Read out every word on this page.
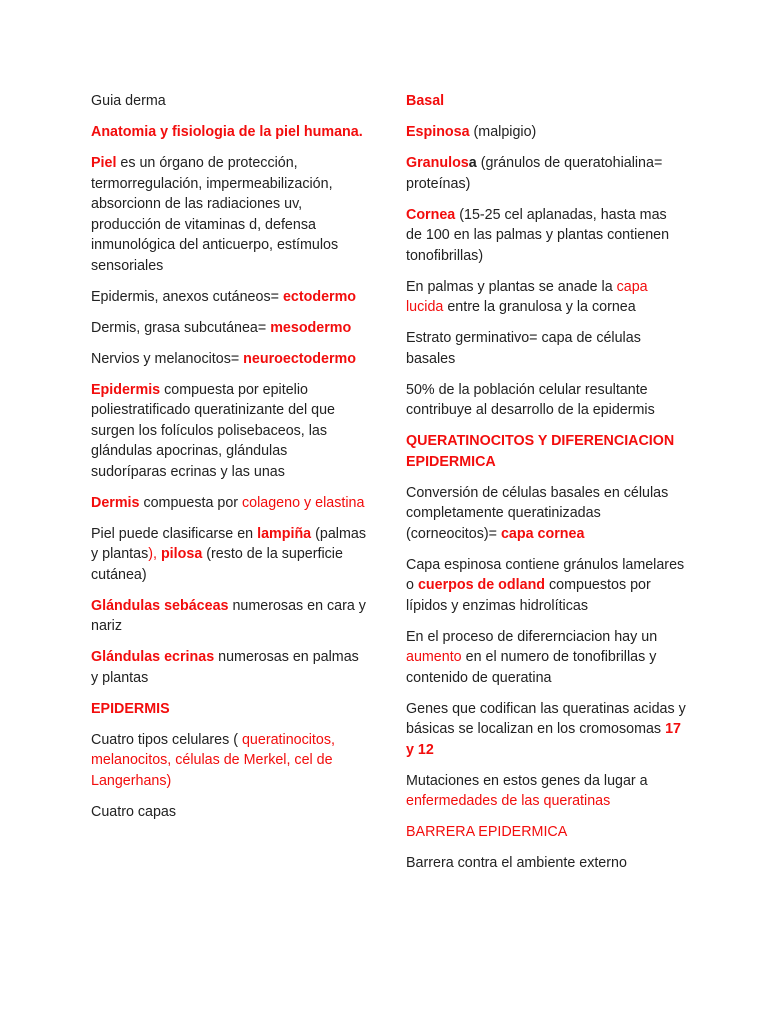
Guia derma

Anatomia y fisiologia de la piel humana.

Piel es un órgano de protección, termorregulación, impermeabilización, absorcionn de las radiaciones uv, producción de vitaminas d, defensa inmunológica del anticuerpo, estímulos sensoriales

Epidermis, anexos cutáneos= ectodermo

Dermis, grasa subcutánea= mesodermo

Nervios y melanocitos= neuroectodermo

Epidermis compuesta por epitelio poliestratificado queratinizante del que surgen los folículos polisebaceos, las glándulas apocrinas, glándulas sudoríparas ecrinas y las unas

Dermis compuesta por colageno y elastina

Piel puede clasificarse en lampiña (palmas y plantas), pilosa (resto de la superficie cutánea)

Glándulas sebáceas numerosas en cara y nariz

Glándulas ecrinas numerosas en palmas y plantas

EPIDERMIS

Cuatro tipos celulares ( queratinocitos, melanocitos, células de Merkel, cel de Langerhans)

Cuatro capas

Basal

Espinosa (malpigio)

Granulosa (gránulos de queratohialina= proteínas)

Cornea (15-25 cel aplanadas, hasta mas de 100 en las palmas y plantas contienen tonofibrillas)

En palmas y plantas se anade la capa lucida entre la granulosa y la cornea

Estrato germinativo= capa de células basales

50% de la población celular resultante contribuye al desarrollo de la epidermis

QUERATINOCITOS Y DIFERENCIACION EPIDERMICA

Conversión de células basales en células completamente queratinizadas (corneocitos)= capa cornea

Capa espinosa contiene gránulos lamelares o cuerpos de odland compuestos por lípidos y enzimas hidrolíticas

En el proceso de diferernciacion hay un aumento en el numero de tonofibrillas y contenido de queratina

Genes que codifican las queratinas acidas y básicas se localizan en los cromosomas 17 y 12

Mutaciones en estos genes da lugar a enfermedades de las queratinas

BARRERA EPIDERMICA

Barrera contra el ambiente externo
